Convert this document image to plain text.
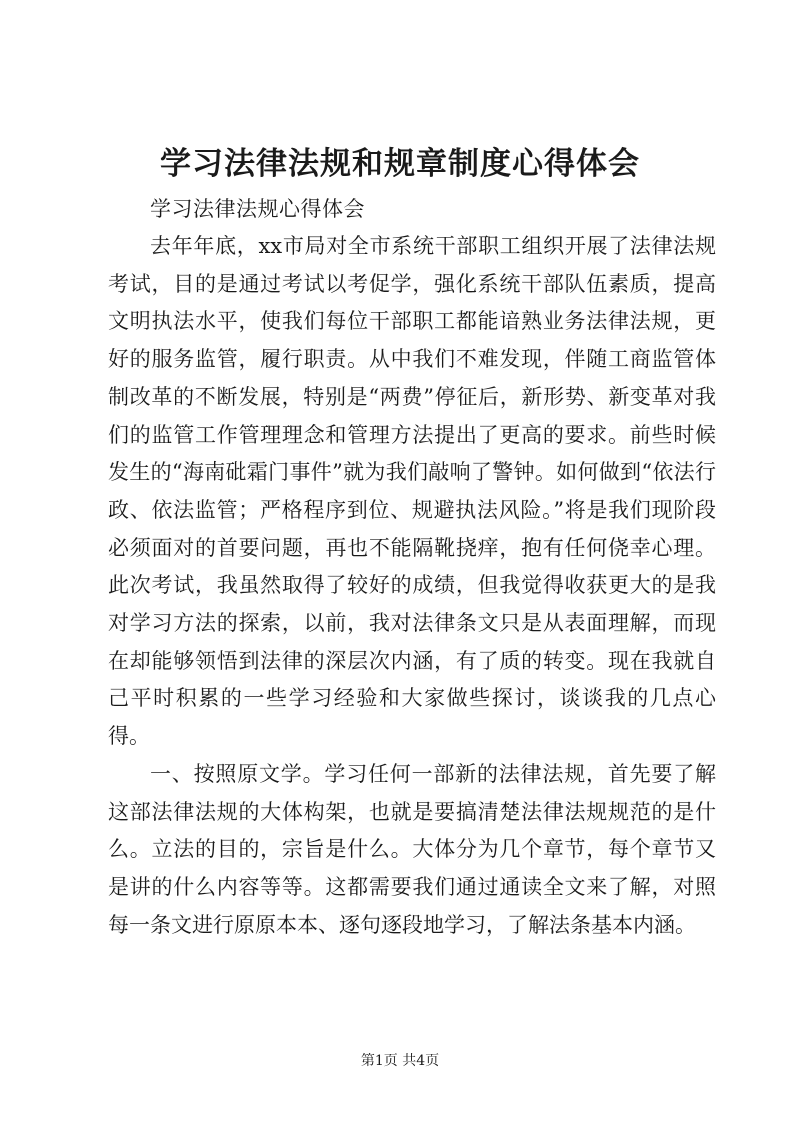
学习法律法规和规章制度心得体会

学习法律法规心得体会

去年年底，xx市局对全市系统干部职工组织开展了法律法规考试，目的是通过考试以考促学，强化系统干部队伍素质，提高文明执法水平，使我们每位干部职工都能谙熟业务法律法规，更好的服务监管，履行职责。从中我们不难发现，伴随工商监管体制改革的不断发展，特别是“两费”停征后，新形势、新变革对我们的监管工作管理理念和管理方法提出了更高的要求。前些时候发生的“海南砒霜门事件”就为我们敲响了警钟。如何做到“依法行政、依法监管；严格程序到位、规避执法风险。”将是我们现阶段必须面对的首要问题，再也不能隔靴挠痒，抱有任何侥幸心理。此次考试，我虽然取得了较好的成绩，但我觉得收获更大的是我对学习方法的探索，以前，我对法律条文只是从表面理解，而现在却能够领悟到法律的深层次内涵，有了质的转变。现在我就自己平时积累的一些学习经验和大家做些探讨，谈谈我的几点心得。

一、按照原文学。学习任何一部新的法律法规，首先要了解这部法律法规的大体构架，也就是要搞清楚法律法规规范的是什么。立法的目的，宗旨是什么。大体分为几个章节，每个章节又是讲的什么内容等等。这都需要我们通过通读全文来了解，对照每一条文进行原原本本、逐句逐段地学习，了解法条基本内涵。

第1页 共4页
